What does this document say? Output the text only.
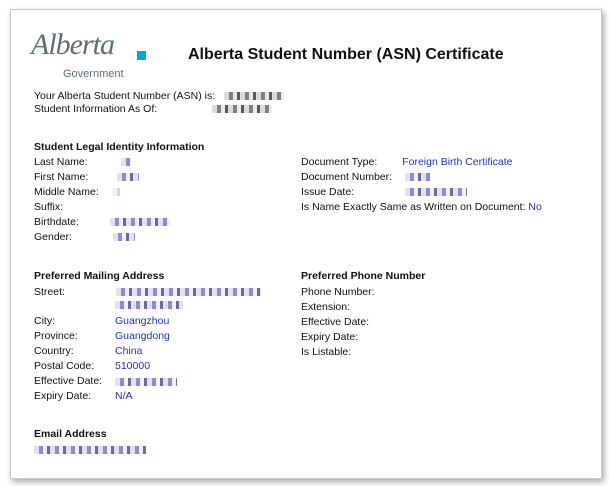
Alberta
Government
Alberta Student Number (ASN) Certificate
Your Alberta Student Number (ASN) is:
Student Information As Of:
Student Legal Identity Information
Last Name:
First Name:
Middle Name:
Suffix:
Birthdate:
Gender:
Document Type: Foreign Birth Certificate
Document Number:
Issue Date:
Is Name Exactly Same as Written on Document: No
Preferred Mailing Address
Street:
City:	Guangzhou
Province:	Guangdong
Country:	China
Postal Code: 510000
Effective Date:
Expiry Date: N/A
Preferred Phone Number
Phone Number:
Extension:
Effective Date:
Expiry Date:
Is Listable:
Email Address
